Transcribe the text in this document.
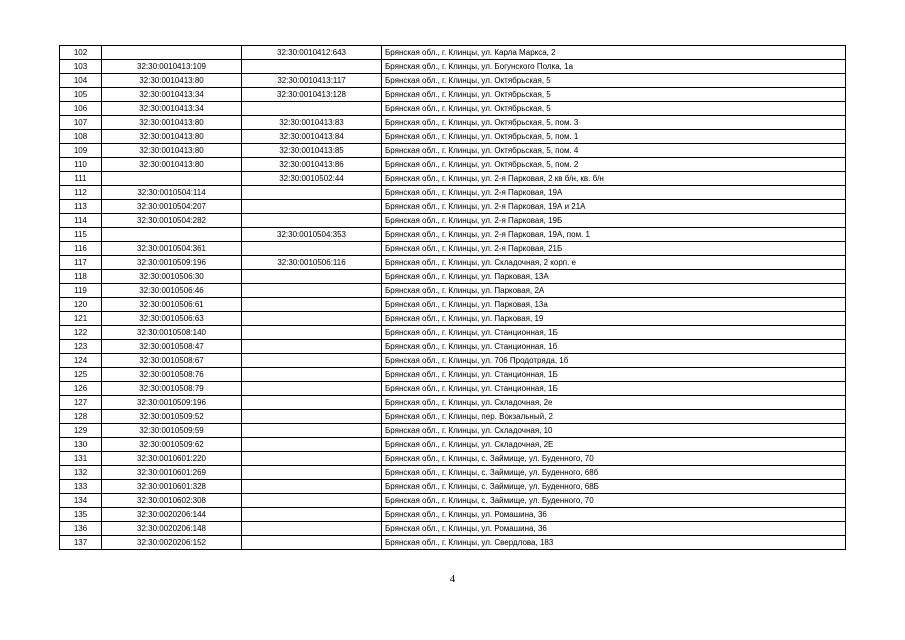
102		32:30:0010412:643	Брянская обл., г. Клинцы, ул. Карла Маркса, 2
103	32:30:0010413:109		Брянская обл., г. Клинцы, ул. Богунского Полка, 1а
104	32:30:0010413:80	32:30:0010413:117	Брянская обл., г. Клинцы, ул. Октябрьская, 5
105	32:30:0010413:34	32:30:0010413:128	Брянская обл., г. Клинцы, ул. Октябрьская, 5
106	32:30:0010413:34		Брянская обл., г. Клинцы, ул. Октябрьская, 5
107	32:30:0010413:80	32:30:0010413:83	Брянская обл., г. Клинцы, ул. Октябрьская, 5, пом. 3
108	32:30:0010413:80	32:30:0010413:84	Брянская обл., г. Клинцы, ул. Октябрьская, 5, пом. 1
109	32:30:0010413:80	32:30:0010413:85	Брянская обл., г. Клинцы, ул. Октябрьская, 5, пом. 4
110	32:30:0010413:80	32:30:0010413:86	Брянская обл., г. Клинцы, ул. Октябрьская, 5, пом. 2
111		32:30:0010502:44	Брянская обл., г. Клинцы, ул. 2-я Парковая, 2 кв б/н, кв. б/н
112	32:30:0010504:114		Брянская обл., г. Клинцы, ул. 2-я Парковая, 19А
113	32:30:0010504:207		Брянская обл., г. Клинцы, ул. 2-я Парковая, 19А и 21А
114	32:30:0010504:282		Брянская обл., г. Клинцы, ул. 2-я Парковая, 19Б
115		32:30:0010504:353	Брянская обл., г. Клинцы, ул. 2-я Парковая, 19А, пом. 1
116	32:30:0010504:361		Брянская обл., г. Клинцы, ул. 2-я Парковая, 21Б
117	32:30:0010509:196	32:30:0010506:116	Брянская обл., г. Клинцы, ул. Складочная, 2 корп. е
118	32:30:0010506:30		Брянская обл., г. Клинцы, ул. Парковая, 13А
119	32:30:0010506:46		Брянская обл., г. Клинцы, ул. Парковая, 2А
120	32:30:0010506:61		Брянская обл., г. Клинцы, ул. Парковая, 13а
121	32:30:0010506:63		Брянская обл., г. Клинцы, ул. Парковая, 19
122	32:30:0010508:140		Брянская обл., г. Клинцы, ул. Станционная, 1Б
123	32:30:0010508:47		Брянская обл., г. Клинцы, ул. Станционная, 1б
124	32:30:0010508:67		Брянская обл., г. Клинцы, ул. 706 Продотряда, 1б
125	32:30:0010508:76		Брянская обл., г. Клинцы, ул. Станционная, 1Б
126	32:30:0010508:79		Брянская обл., г. Клинцы, ул. Станционная, 1Б
127	32:30:0010509:196		Брянская обл., г. Клинцы, ул. Складочная, 2е
128	32:30:0010509:52		Брянская обл., г. Клинцы, пер. Вокзальный, 2
129	32:30:0010509:59		Брянская обл., г. Клинцы, ул. Складочная, 10
130	32:30:0010509:62		Брянская обл., г. Клинцы, ул. Складочная, 2Е
131	32:30:0010601:220		Брянская обл., г. Клинцы, с. Займище, ул. Буденного, 70
132	32:30:0010601:269		Брянская обл., г. Клинцы, с. Займище, ул. Буденного, 68б
133	32:30:0010601:328		Брянская обл., г. Клинцы, с. Займище, ул. Буденного, 68Б
134	32:30:0010602:308		Брянская обл., г. Клинцы, с. Займище, ул. Буденного, 70
135	32:30:0020206:144		Брянская обл., г. Клинцы, ул. Ромашина, 36
136	32:30:0020206:148		Брянская обл., г. Клинцы, ул. Ромашина, 36
137	32:30:0020206:152		Брянская обл., г. Клинцы, ул. Свердлова, 183
4
